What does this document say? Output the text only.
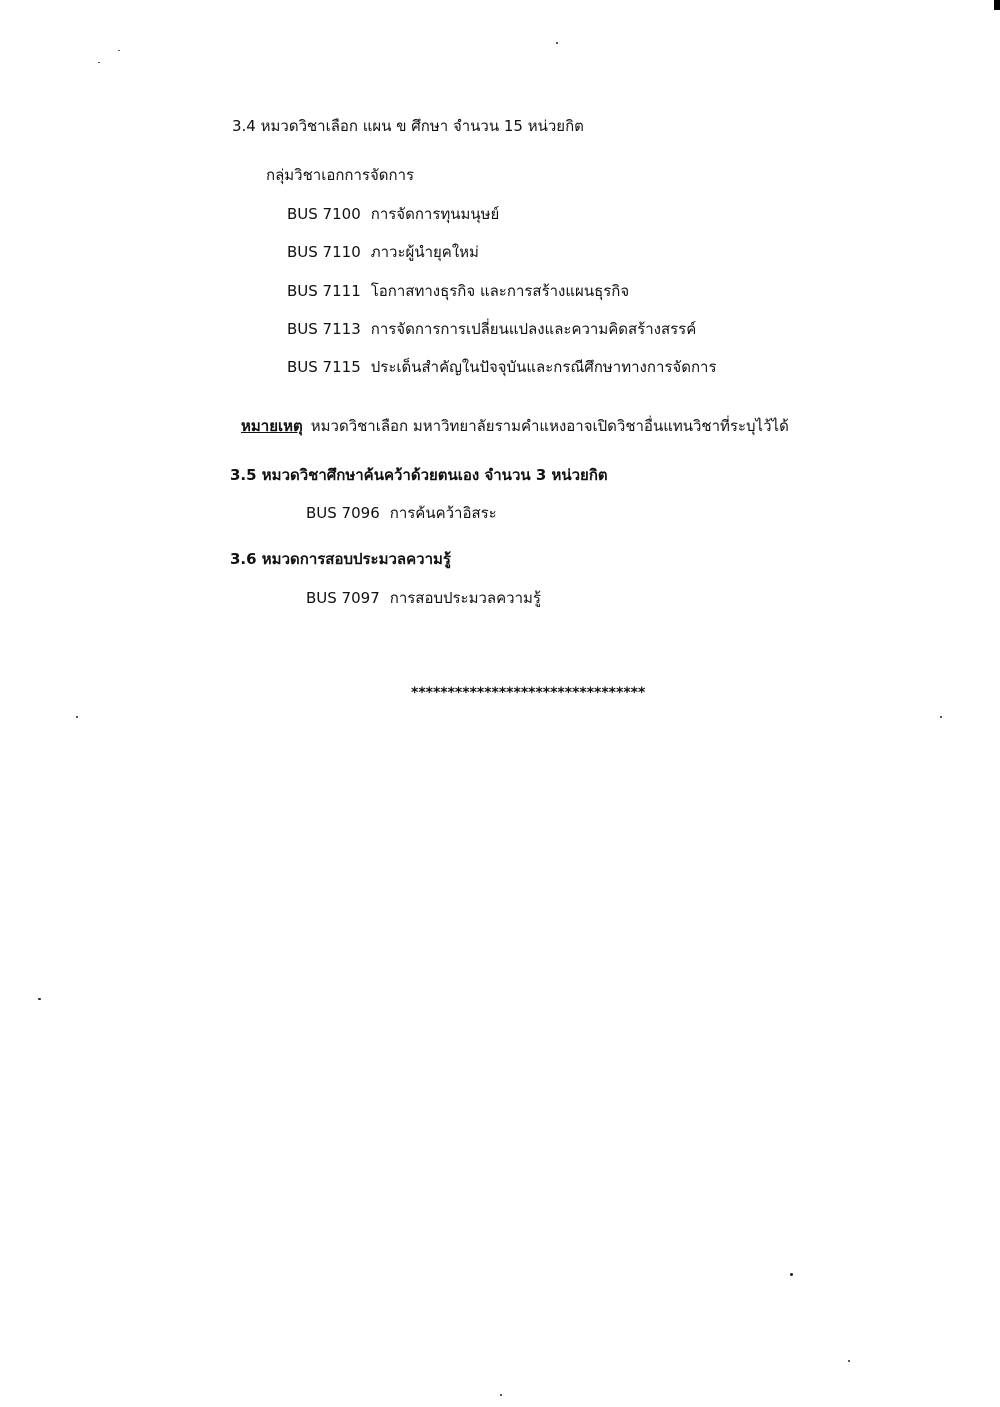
3.4 หมวดวิชาเลือก แผน ข ศึกษา จำนวน 15 หน่วยกิต
กลุ่มวิชาเอกการจัดการ
BUS 7100 การจัดการทุนมนุษย์
BUS 7110 ภาวะผู้นำยุคใหม่
BUS 7111 โอกาสทางธุรกิจ และการสร้างแผนธุรกิจ
BUS 7113 การจัดการการเปลี่ยนแปลงและความคิดสร้างสรรค์
BUS 7115 ประเด็นสำคัญในปัจจุบันและกรณีศึกษาทางการจัดการ
หมายเหตุ หมวดวิชาเลือก มหาวิทยาลัยรามคำแหงอาจเปิดวิชาอื่นแทนวิชาที่ระบุไว้ได้
3.5 หมวดวิชาศึกษาค้นคว้าด้วยตนเอง จำนวน 3 หน่วยกิต
BUS 7096 การค้นคว้าอิสระ
3.6 หมวดการสอบประมวลความรู้
BUS 7097 การสอบประมวลความรู้
********************************
